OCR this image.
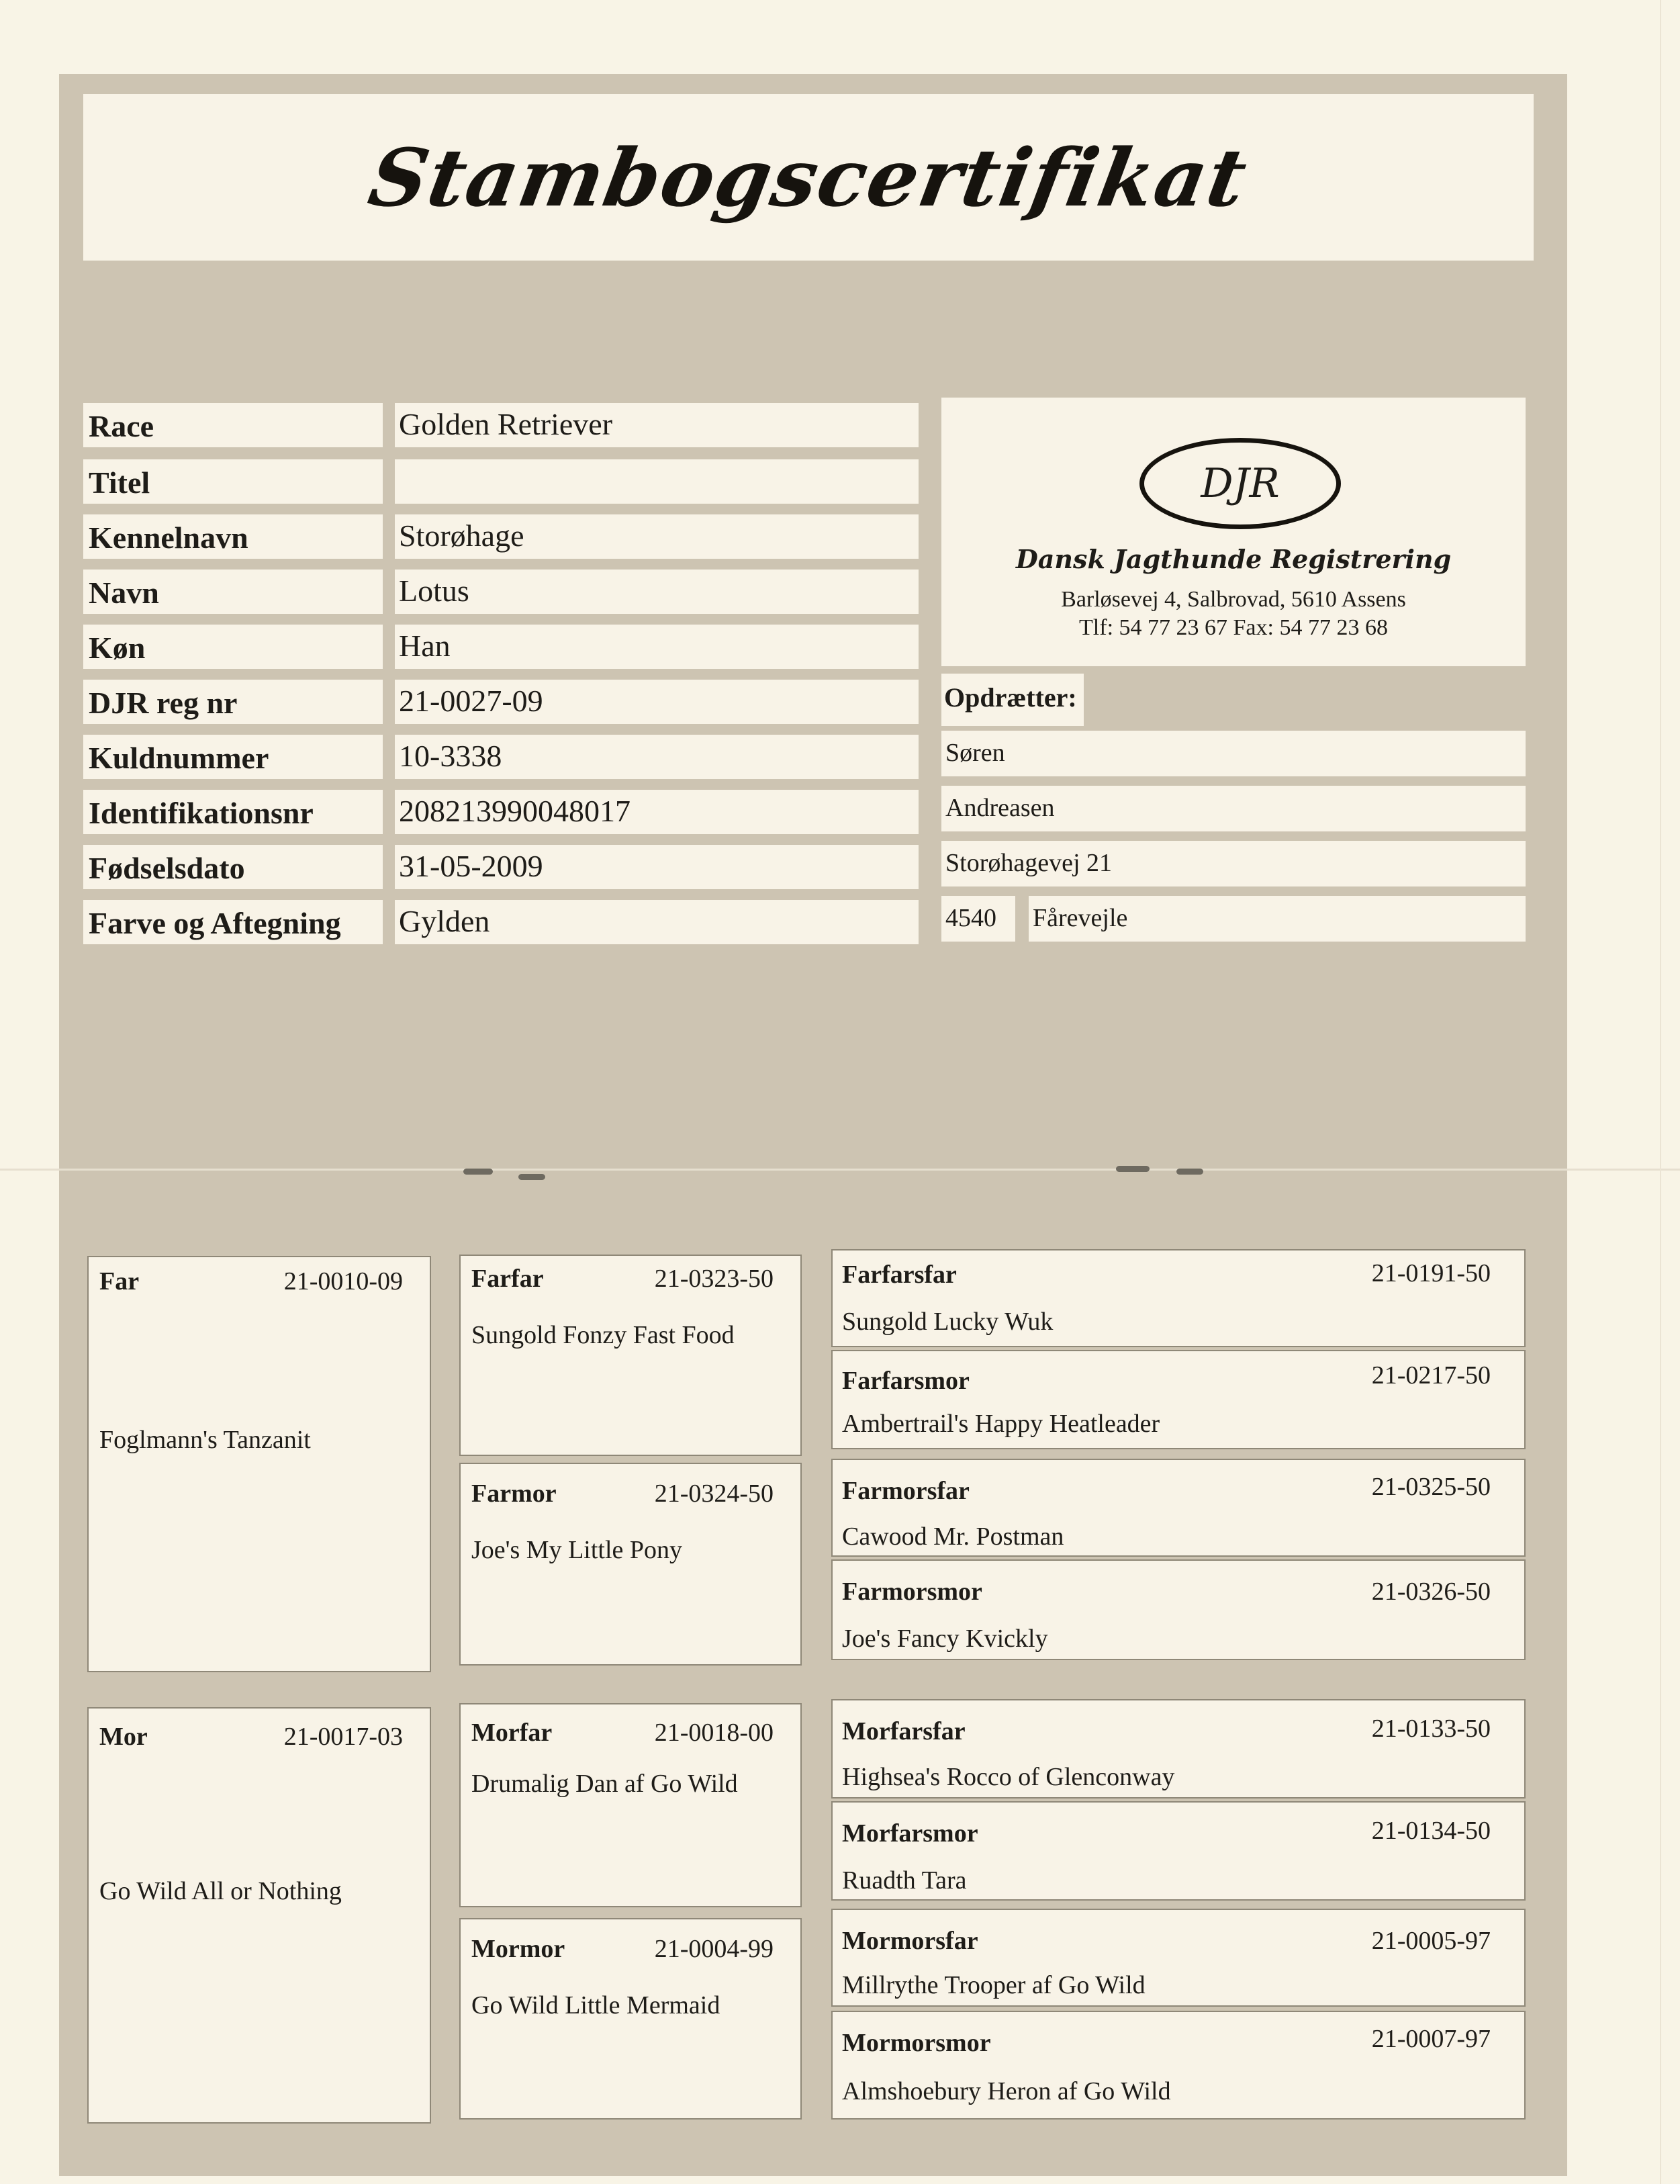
Stambogscertifikat
Race	Golden Retriever
Titel
Kennelnavn	Storøhage
Navn	Lotus
Køn	Han
DJR reg nr	21-0027-09
Kuldnummer	10-3338
Identifikationsnr	208213990048017
Fødselsdato	31-05-2009
Farve og Aftegning	Gylden
DJR
Dansk Jagthunde Registrering
Barløsevej 4, Salbrovad, 5610 Assens
Tlf: 54 77 23 67 Fax: 54 77 23 68
Opdrætter:
Søren
Andreasen
Storøhagevej 21
4540	Fårevejle
Far	21-0010-09
Foglmann's Tanzanit
Mor	21-0017-03
Go Wild All or Nothing
Farfar	21-0323-50
Sungold Fonzy Fast Food
Farmor	21-0324-50
Joe's My Little Pony
Morfar	21-0018-00
Drumalig Dan af Go Wild
Mormor	21-0004-99
Go Wild Little Mermaid
Farfarsfar	21-0191-50
Sungold Lucky Wuk
Farfarsmor	21-0217-50
Ambertrail's Happy Heatleader
Farmorsfar	21-0325-50
Cawood Mr. Postman
Farmorsmor	21-0326-50
Joe's Fancy Kvickly
Morfarsfar	21-0133-50
Highsea's Rocco of Glenconway
Morfarsmor	21-0134-50
Ruadth Tara
Mormorsfar	21-0005-97
Millrythe Trooper af Go Wild
Mormorsmor	21-0007-97
Almshoebury Heron af Go Wild
